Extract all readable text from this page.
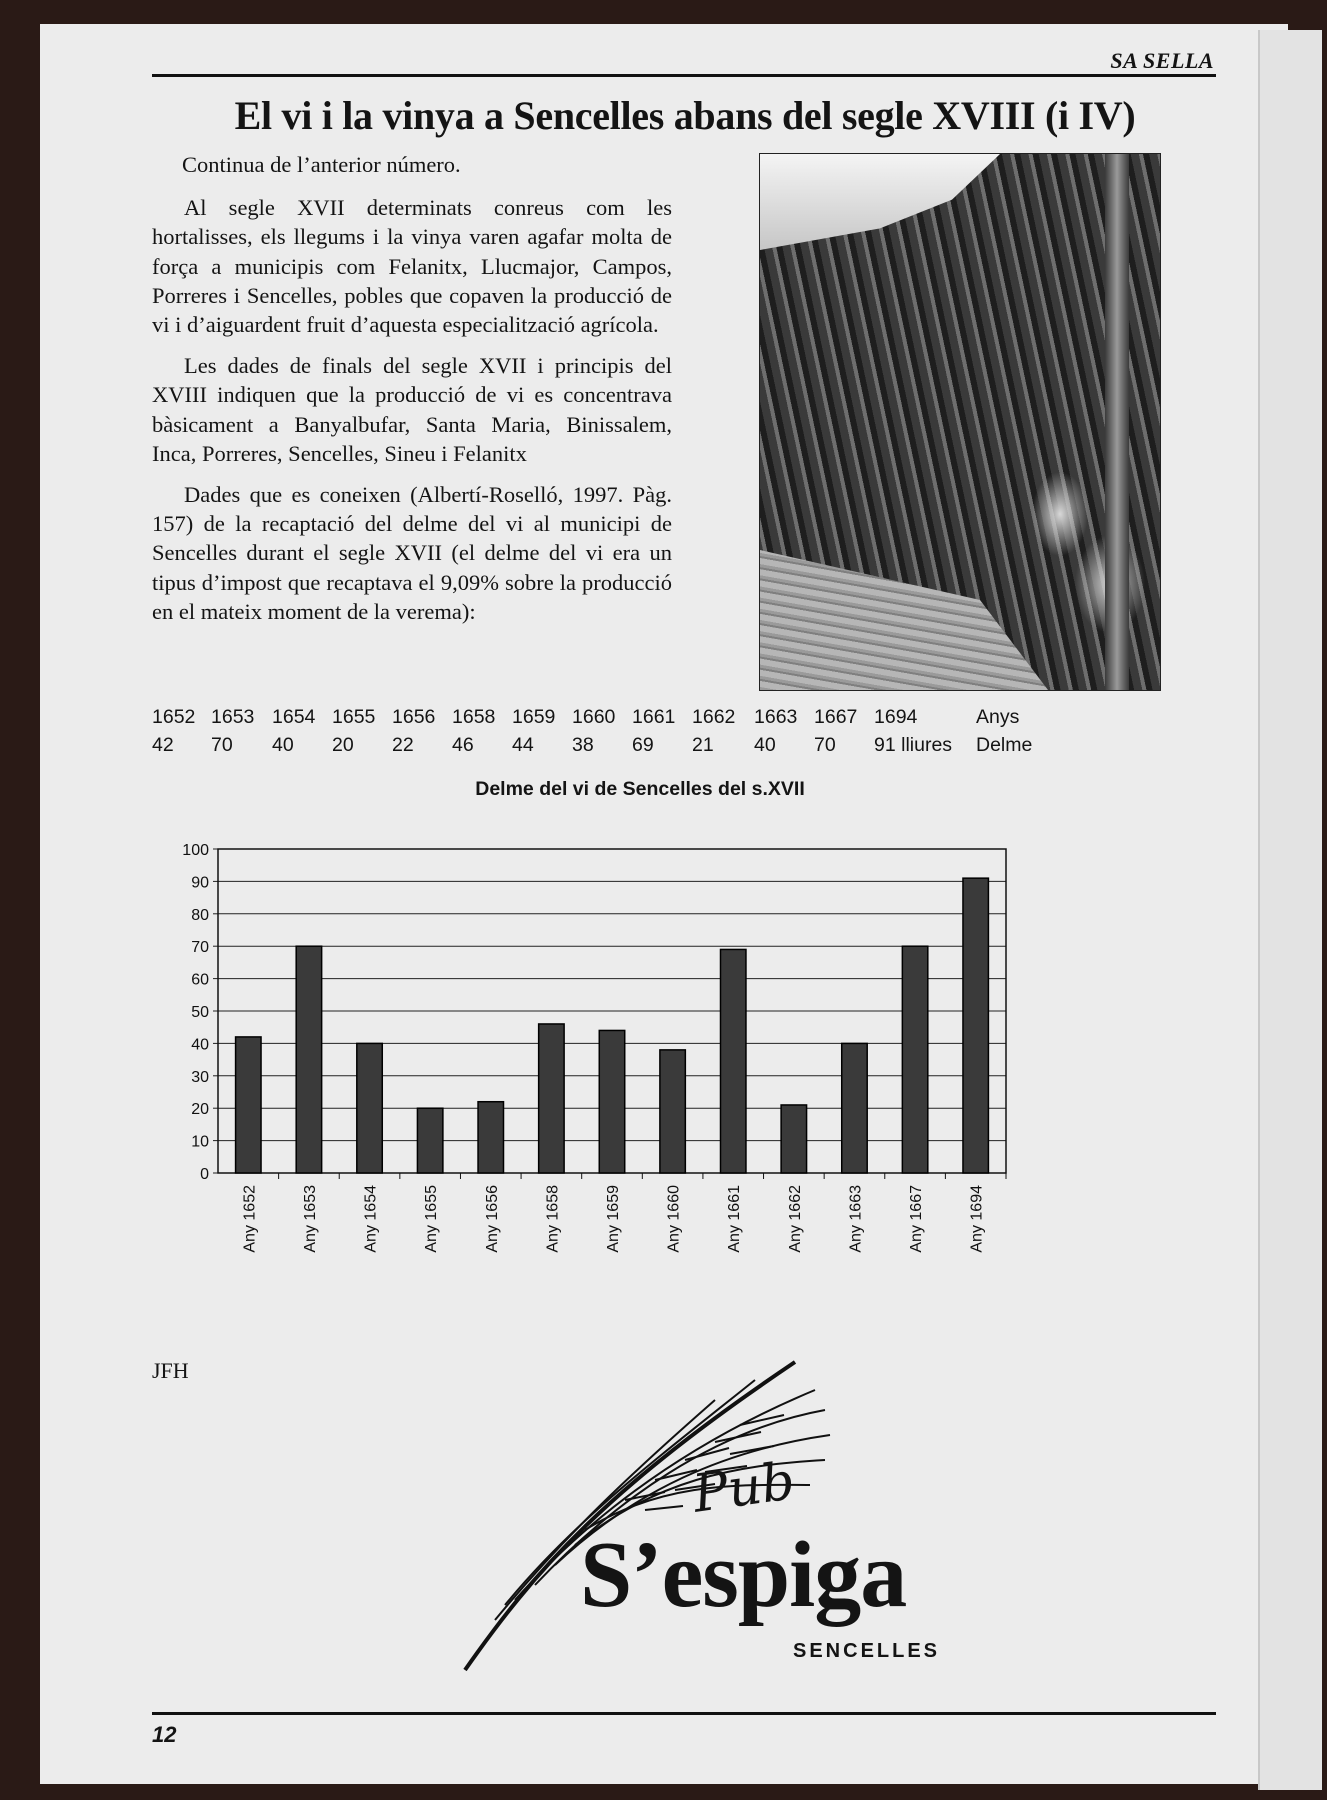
SA SELLA
El vi i la vinya a Sencelles abans del segle XVIII (i IV)

Continua de l’anterior número.

Al segle XVII determinats conreus com les hortalisses, els llegums i la vinya varen agafar molta de força a municipis com Felanitx, Llucmajor, Campos, Porreres i Sencelles, pobles que copaven la producció de vi i d’aiguardent fruit d’aquesta especialització agrícola.

Les dades de finals del segle XVII i principis del XVIII indiquen que la producció de vi es concentrava bàsicament a Banyalbufar, Santa Maria, Binissalem, Inca, Porreres, Sencelles, Sineu i Felanitx

Dades que es coneixen (Albertí-Roselló, 1997. Pàg. 157) de la recaptació del delme del vi al municipi de Sencelles durant el segle XVII (el delme del vi era un tipus d’impost que recaptava el 9,09% sobre la producció en el mateix moment de la verema):

1652 1653 1654 1655 1656 1658 1659 1660 1661 1662 1663 1667 1694	Anys
42 70 40 20 22 46 44 38 69 21 40 70 91 lliures Delme
Delme del vi de Sencelles del s.XVII
0
10
20
30
40
50
60
70
80
90
100
Any 1652	Any 1653	Any 1654	Any 1655	Any 1656	Any 1658	Any 1659	Any 1660	Any 1661	Any 1662	Any 1663	Any 1667	Any 1694
JFH
Pub
S’espiga
SENCELLES
12
